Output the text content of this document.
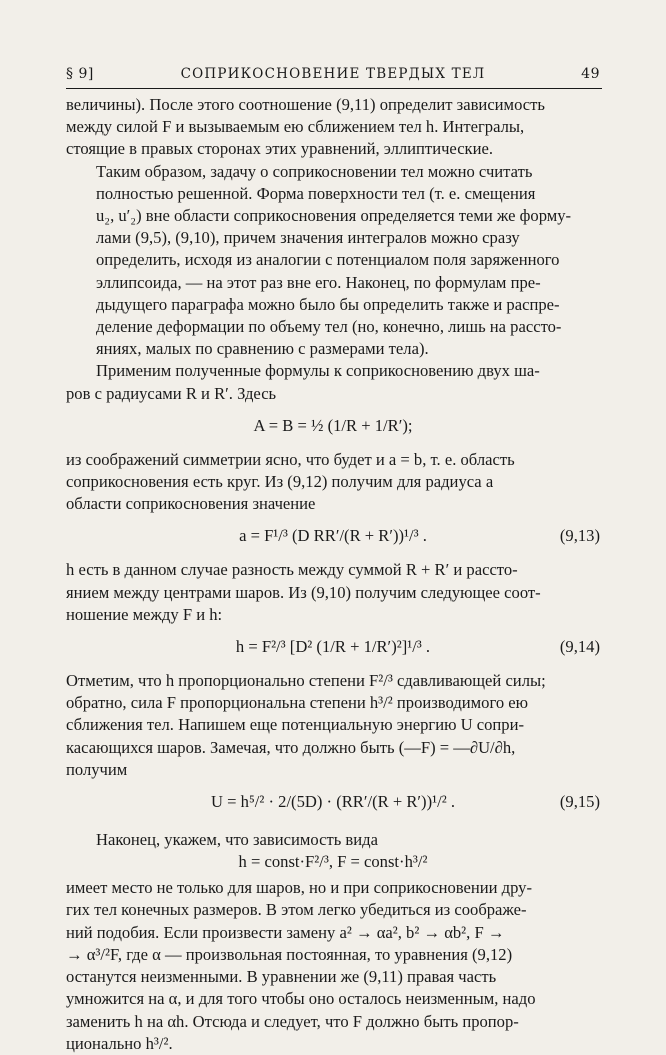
§ 9]	СОПРИКОСНОВЕНИЕ ТВЕРДЫХ ТЕЛ	49
величины). После этого соотношение (9,11) определит зависимость
между силой F и вызываемым ею сближением тел h. Интегралы,
стоящие в правых сторонах этих уравнений, эллиптические.
Таким образом, задачу о соприкосновении тел можно считать
полностью решенной. Форма поверхности тел (т. е. смещения
u₂, u′₂) вне области соприкосновения определяется теми же форму-
лами (9,5), (9,10), причем значения интегралов можно сразу
определить, исходя из аналогии с потенциалом поля заряженного
эллипсоида, — на этот раз вне его. Наконец, по формулам пре-
дыдущего параграфа можно было бы определить также и распре-
деление деформации по объему тел (но, конечно, лишь на рассто-
яниях, малых по сравнению с размерами тела).
Применим полученные формулы к соприкосновению двух ша-
ров с радиусами R и R′. Здесь
A = B = ½ (1/R + 1/R′);
из соображений симметрии ясно, что будет и a = b, т. е. область
соприкосновения есть круг. Из (9,12) получим для радиуса a
области соприкосновения значение
a = F¹/³ (D RR′/(R + R′))¹/³ .	(9,13)
h есть в данном случае разность между суммой R + R′ и рассто-
янием между центрами шаров. Из (9,10) получим следующее соот-
ношение между F и h:
h = F²/³ [D² (1/R + 1/R′)²]¹/³ .	(9,14)
Отметим, что h пропорционально степени F²/³ сдавливающей силы;
обратно, сила F пропорциональна степени h³/² производимого ею
сближения тел. Напишем еще потенциальную энергию U сопри-
касающихся шаров. Замечая, что должно быть (—F) = —∂U/∂h,
получим
U = h⁵/² · 2/(5D) · (RR′/(R + R′))¹/² .	(9,15)
Наконец, укажем, что зависимость вида
h = const·F²/³, F = const·h³/²
имеет место не только для шаров, но и при соприкосновении дру-
гих тел конечных размеров. В этом легко убедиться из соображе-
ний подобия. Если произвести замену a² → αa², b² → αb², F →
→ α³/²F, где α — произвольная постоянная, то уравнения (9,12)
останутся неизменными. В уравнении же (9,11) правая часть
умножится на α, и для того чтобы оно осталось неизменным, надо
заменить h на αh. Отсюда и следует, что F должно быть пропор-
ционально h³/².
